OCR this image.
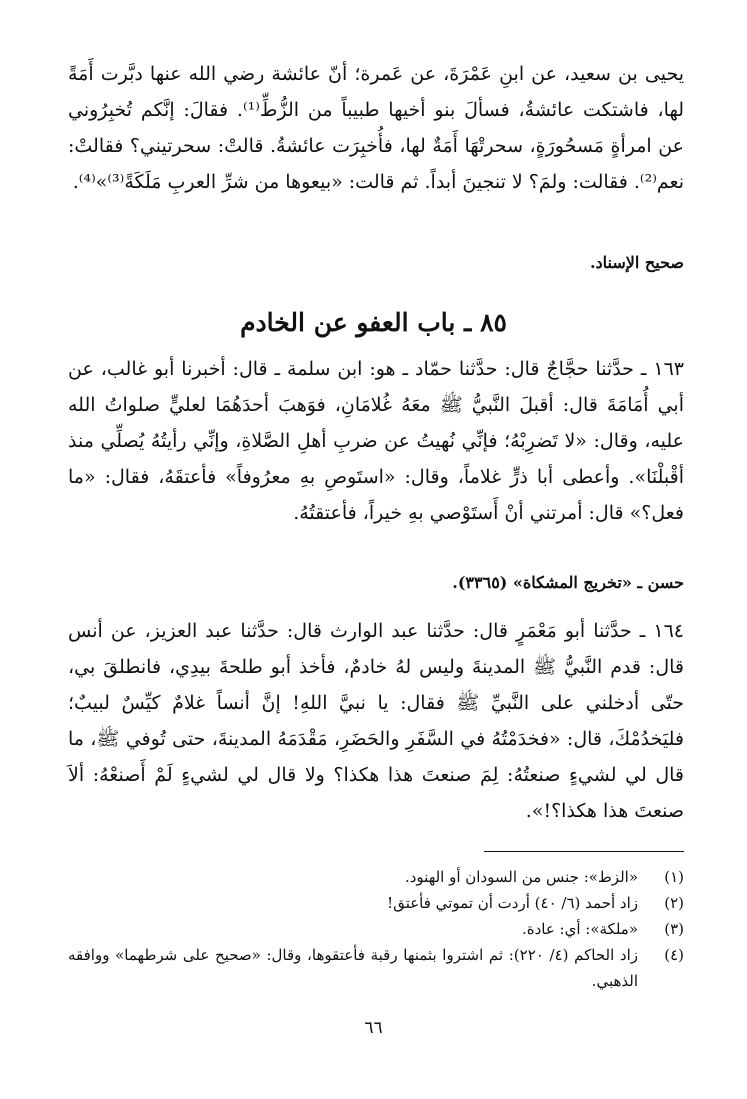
يحيى بن سعيد، عن ابنِ عَمْرَةَ، عن عَمرة؛ أنّ عائشة رضي الله عنها دبَّرت أَمَةً لها، فاشتكت عائشةُ، فسألَ بنو أخيها طبيباً من الزُّطِّ⁽¹⁾. فقالَ: إنَّكم تُخبِرُوني عن امرأةٍ مَسحُورَةٍ، سحرتْهَا أَمَةٌ لها، فأُخبِرَت عائشةُ. قالتْ: سحرتيني؟ فقالتْ: نعم⁽²⁾. فقالت: ولمَ؟ لا تنجينَ أبداً. ثم قالت: «بيعوها من شرِّ العربِ مَلَكَةً⁽³⁾»⁽⁴⁾.
صحيح الإسناد.
٨٥ ـ باب العفو عن الخادم
١٦٣ ـ حدَّثنا حجَّاجٌ قال: حدَّثنا حمّاد ـ هو: ابن سلمة ـ قال: أخبرنا أبو غالب، عن أبي أُمَامَةَ قال: أقبلَ النَّبيُّ ﷺ معَهُ غُلامَانِ، فوَهبَ أحدَهُمَا لعليٍّ صلواتُ الله عليه، وقال: «لا تَضرِبْهُ؛ فإنِّي نُهيتُ عن ضربِ أهلِ الصَّلاةِ، وإنِّي رأيتُهُ يُصلِّي منذ أقْبلْنَا». وأعطى أبا ذرٍّ غلاماً، وقال: «استَوصِ بهِ معرُوفاً» فأعتقَهُ، فقال: «ما فعل؟» قال: أمرتني أنْ أَستَوْصي بهِ خيراً، فأعتقتُهُ.
حسن ـ «تخريج المشكاة» (٣٣٦٥).
١٦٤ ـ حدَّثنا أبو مَعْمَرٍ قال: حدَّثنا عبد الوارث قال: حدَّثنا عبد العزيز، عن أنس قال: قدم النَّبيُّ ﷺ المدينةَ وليس لهُ خادمٌ، فأخذ أبو طلحةَ بيدِي، فانطلقَ بي، حتّى أدخلني على النَّبيِّ ﷺ فقال: يا نبيَّ اللهِ! إنَّ أنساً غلامٌ كيِّسٌ لبيبٌ؛ فليَخدُمْكَ، قال: «فخدَمْتُهُ في السَّفَرِ والحَضَرِ، مَقْدَمَهُ المدينةَ، حتى تُوفي ﷺ، ما قال لي لشيءٍ صنعتُهُ: لِمَ صنعتَ هذا هكذا؟ ولا قال لي لشيءٍ لَمْ أَصنعْهُ: ألاَ صنعتَ هذا هكذا؟!».
(١)
«الزط»: جنس من السودان أو الهنود.
(٢)
زاد أحمد (٦/ ٤٠) أردت أن تموتي فأعتق!
(٣)
«ملكة»: أي: عادة.
(٤)
زاد الحاكم (٤/ ٢٢٠): ثم اشتروا بثمنها رقبة فأعتقوها، وقال: «صحيح على شرطهما» ووافقه الذهبي.
٦٦
